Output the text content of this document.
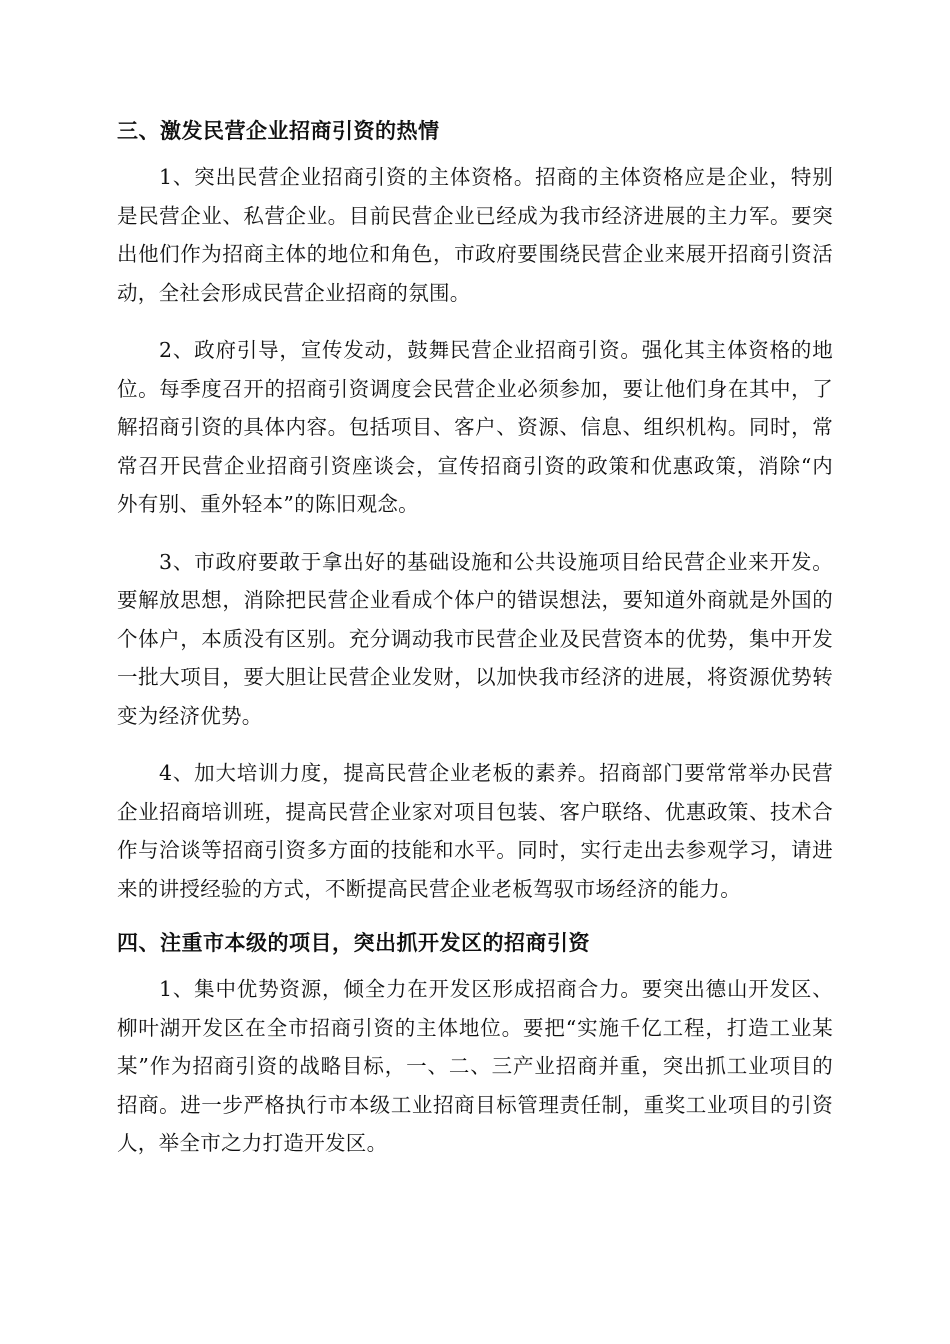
三、激发民营企业招商引资的热情

1、突出民营企业招商引资的主体资格。招商的主体资格应是企业，特别是民营企业、私营企业。目前民营企业已经成为我市经济进展的主力军。要突出他们作为招商主体的地位和角色，市政府要围绕民营企业来展开招商引资活动，全社会形成民营企业招商的氛围。

2、政府引导，宣传发动，鼓舞民营企业招商引资。强化其主体资格的地位。每季度召开的招商引资调度会民营企业必须参加，要让他们身在其中，了解招商引资的具体内容。包括项目、客户、资源、信息、组织机构。同时，常常召开民营企业招商引资座谈会，宣传招商引资的政策和优惠政策，消除“内外有别、重外轻本”的陈旧观念。

3、市政府要敢于拿出好的基础设施和公共设施项目给民营企业来开发。要解放思想，消除把民营企业看成个体户的错误想法，要知道外商就是外国的个体户，本质没有区别。充分调动我市民营企业及民营资本的优势，集中开发一批大项目，要大胆让民营企业发财，以加快我市经济的进展，将资源优势转变为经济优势。

4、加大培训力度，提高民营企业老板的素养。招商部门要常常举办民营企业招商培训班，提高民营企业家对项目包装、客户联络、优惠政策、技术合作与洽谈等招商引资多方面的技能和水平。同时，实行走出去参观学习，请进来的讲授经验的方式，不断提高民营企业老板驾驭市场经济的能力。

四、注重市本级的项目，突出抓开发区的招商引资

1、集中优势资源，倾全力在开发区形成招商合力。要突出德山开发区、柳叶湖开发区在全市招商引资的主体地位。要把“实施千亿工程，打造工业某某”作为招商引资的战略目标，一、二、三产业招商并重，突出抓工业项目的招商。进一步严格执行市本级工业招商目标管理责任制，重奖工业项目的引资人，举全市之力打造开发区。
